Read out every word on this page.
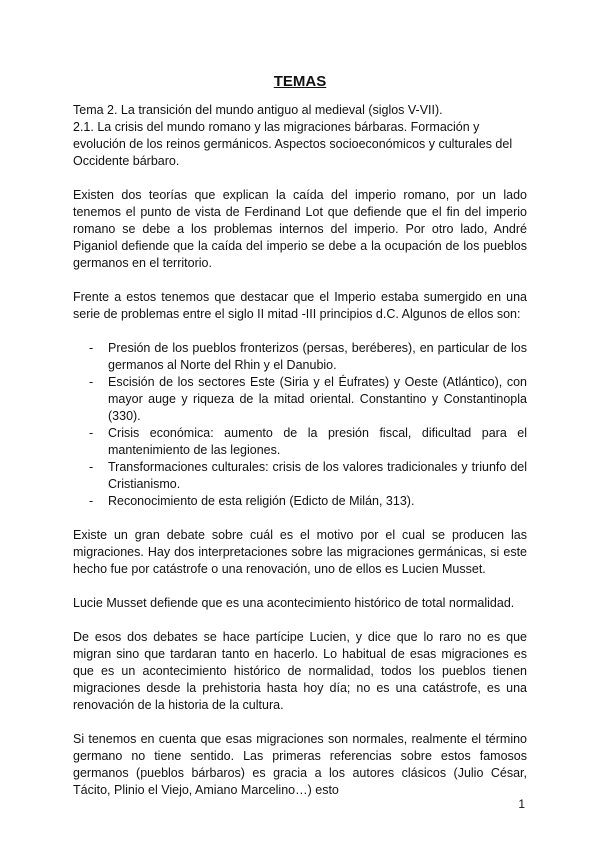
TEMAS

Tema 2. La transición del mundo antiguo al medieval (siglos V-VII).

2.1. La crisis del mundo romano y las migraciones bárbaras. Formación y evolución de los reinos germánicos. Aspectos socioeconómicos y culturales del Occidente bárbaro.

Existen dos teorías que explican la caída del imperio romano, por un lado tenemos el punto de vista de Ferdinand Lot que defiende que el fin del imperio romano se debe a los problemas internos del imperio. Por otro lado, André Piganiol defiende que la caída del imperio se debe a la ocupación de los pueblos germanos en el territorio.

Frente a estos tenemos que destacar que el Imperio estaba sumergido en una serie de problemas entre el siglo II mitad -III principios d.C. Algunos de ellos son:

- Presión de los pueblos fronterizos (persas, beréberes), en particular de los germanos al Norte del Rhin y el Danubio.
- Escisión de los sectores Este (Siria y el Éufrates) y Oeste (Atlántico), con mayor auge y riqueza de la mitad oriental. Constantino y Constantinopla (330).
- Crisis económica: aumento de la presión fiscal, dificultad para el mantenimiento de las legiones.
- Transformaciones culturales: crisis de los valores tradicionales y triunfo del Cristianismo.
- Reconocimiento de esta religión (Edicto de Milán, 313).

Existe un gran debate sobre cuál es el motivo por el cual se producen las migraciones. Hay dos interpretaciones sobre las migraciones germánicas, si este hecho fue por catástrofe o una renovación, uno de ellos es Lucien Musset.

Lucie Musset defiende que es una acontecimiento histórico de total normalidad.

De esos dos debates se hace partícipe Lucien, y dice que lo raro no es que migran sino que tardaran tanto en hacerlo. Lo habitual de esas migraciones es que es un acontecimiento histórico de normalidad, todos los pueblos tienen migraciones desde la prehistoria hasta hoy día; no es una catástrofe, es una renovación de la historia de la cultura.

Si tenemos en cuenta que esas migraciones son normales, realmente el término germano no tiene sentido. Las primeras referencias sobre estos famosos germanos (pueblos bárbaros) es gracia a los autores clásicos (Julio César, Tácito, Plinio el Viejo, Amiano Marcelino…) esto

1
